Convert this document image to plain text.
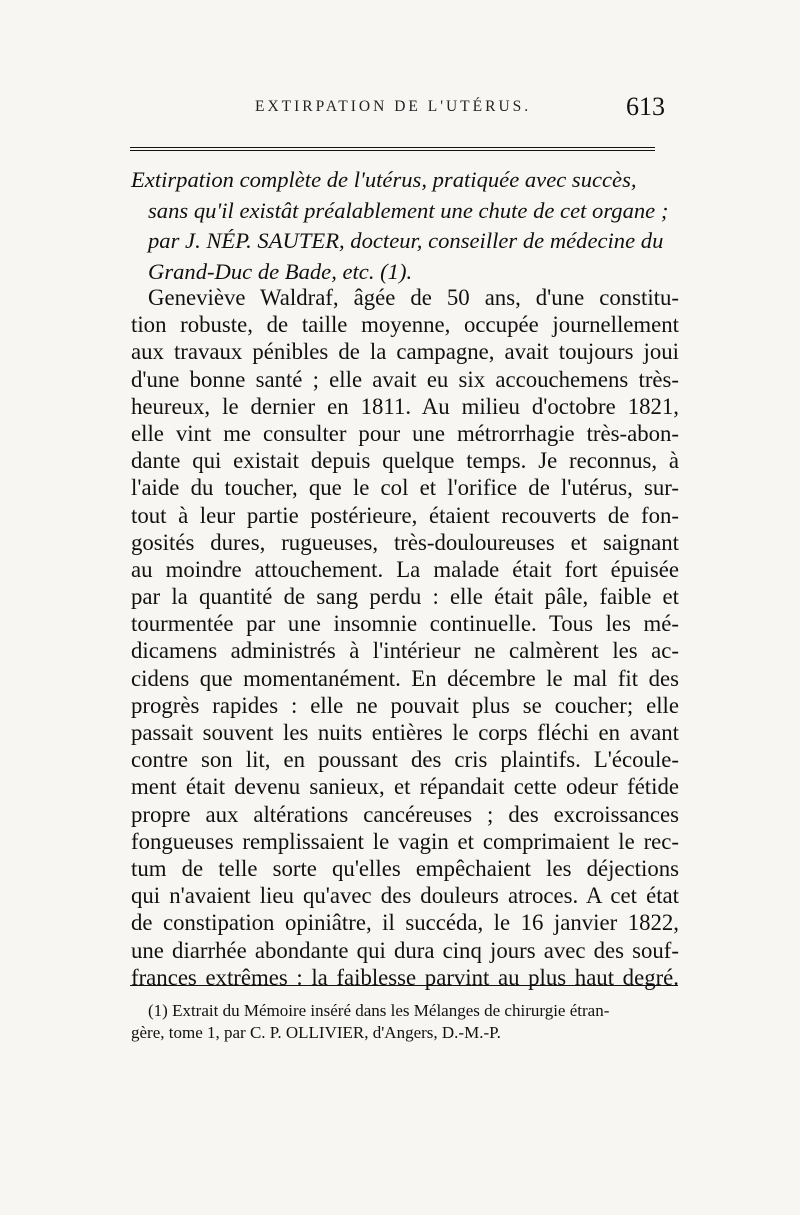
EXTIRPATION DE L'UTÉRUS.	613
Extirpation complète de l'utérus, pratiquée avec succès,
sans qu'il existât préalablement une chute de cet organe ;
par J. NÉP. SAUTER, docteur, conseiller de médecine du
Grand-Duc de Bade, etc. (1).
Geneviève Waldraf, âgée de 50 ans, d'une constitu-
tion robuste, de taille moyenne, occupée journellement
aux travaux pénibles de la campagne, avait toujours joui
d'une bonne santé ; elle avait eu six accouchemens très-
heureux, le dernier en 1811. Au milieu d'octobre 1821,
elle vint me consulter pour une métrorrhagie très-abon-
dante qui existait depuis quelque temps. Je reconnus, à
l'aide du toucher, que le col et l'orifice de l'utérus, sur-
tout à leur partie postérieure, étaient recouverts de fon-
gosités dures, rugueuses, très-douloureuses et saignant
au moindre attouchement. La malade était fort épuisée
par la quantité de sang perdu : elle était pâle, faible et
tourmentée par une insomnie continuelle. Tous les mé-
dicamens administrés à l'intérieur ne calmèrent les ac-
cidens que momentanément. En décembre le mal fit des
progrès rapides : elle ne pouvait plus se coucher; elle
passait souvent les nuits entières le corps fléchi en avant
contre son lit, en poussant des cris plaintifs. L'écoule-
ment était devenu sanieux, et répandait cette odeur fétide
propre aux altérations cancéreuses ; des excroissances
fongueuses remplissaient le vagin et comprimaient le rec-
tum de telle sorte qu'elles empêchaient les déjections
qui n'avaient lieu qu'avec des douleurs atroces. A cet état
de constipation opiniâtre, il succéda, le 16 janvier 1822,
une diarrhée abondante qui dura cinq jours avec des souf-
frances extrêmes : la faiblesse parvint au plus haut degré.
(1) Extrait du Mémoire inséré dans les Mélanges de chirurgie étran-
gère, tome 1, par C. P. OLLIVIER, d'Angers, D.-M.-P.
